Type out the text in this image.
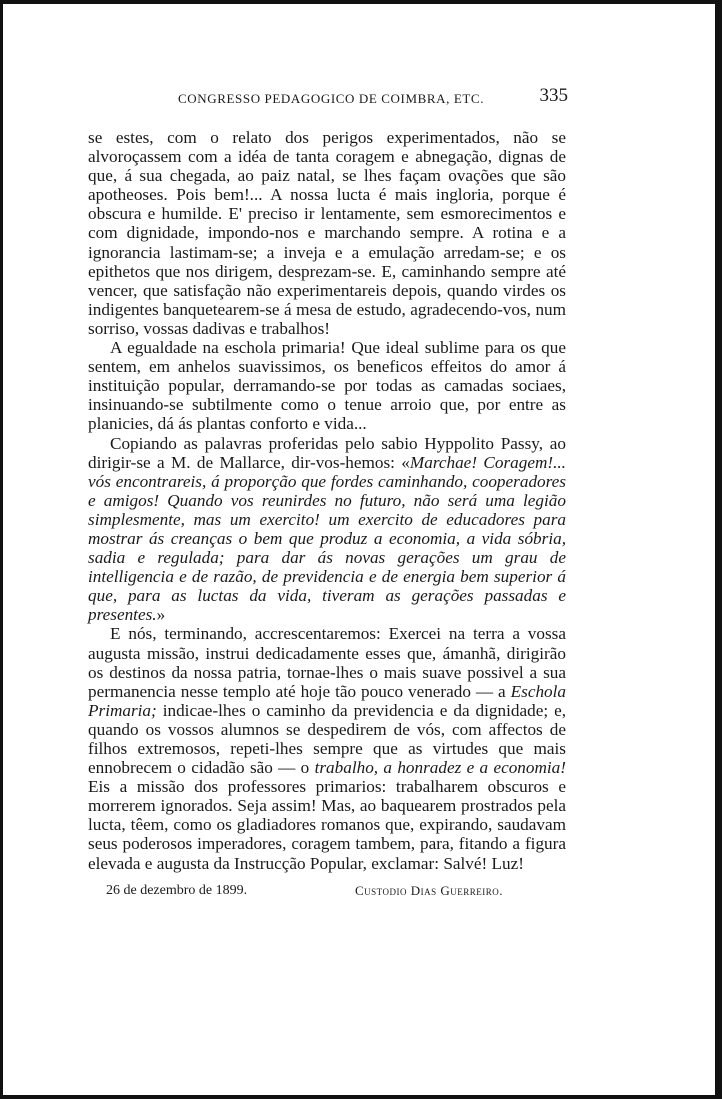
CONGRESSO PEDAGOGICO DE COIMBRA, ETC.	335

se estes, com o relato dos perigos experimentados, não se alvoroçassem com a idéa de tanta coragem e abnegação, dignas de que, á sua chegada, ao paiz natal, se lhes façam ovações que são apotheoses. Pois bem!... A nossa lucta é mais ingloria, porque é obscura e humilde. E' preciso ir lentamente, sem esmorecimentos e com dignidade, impondo-nos e marchando sempre. A rotina e a ignorancia lastimam-se; a inveja e a emulação arredam-se; e os epithetos que nos dirigem, desprezam-se. E, caminhando sempre até vencer, que satisfação não experimentareis depois, quando virdes os indigentes banquetearem-se á mesa de estudo, agradecendo-vos, num sorriso, vossas dadivas e trabalhos!

A egualdade na eschola primaria! Que ideal sublime para os que sentem, em anhelos suavissimos, os beneficos effeitos do amor á instituição popular, derramando-se por todas as camadas sociaes, insinuando-se subtilmente como o tenue arroio que, por entre as planicies, dá ás plantas conforto e vida...

Copiando as palavras proferidas pelo sabio Hyppolito Passy, ao dirigir-se a M. de Mallarce, dir-vos-hemos: «Marchae! Coragem!... vós encontrareis, á proporção que fordes caminhando, cooperadores e amigos! Quando vos reunirdes no futuro, não será uma legião simplesmente, mas um exercito! um exercito de educadores para mostrar ás creanças o bem que produz a economia, a vida sóbria, sadia e regulada; para dar ás novas gerações um grau de intelligencia e de razão, de previdencia e de energia bem superior á que, para as luctas da vida, tiveram as gerações passadas e presentes.»

E nós, terminando, accrescentaremos: Exercei na terra a vossa augusta missão, instrui dedicadamente esses que, ámanhã, dirigirão os destinos da nossa patria, tornae-lhes o mais suave possivel a sua permanencia nesse templo até hoje tão pouco venerado — a Eschola Primaria; indicae-lhes o caminho da previdencia e da dignidade; e, quando os vossos alumnos se despedirem de vós, com affectos de filhos extremosos, repeti-lhes sempre que as virtudes que mais ennobrecem o cidadão são — o trabalho, a honradez e a economia! Eis a missão dos professores primarios: trabalharem obscuros e morrerem ignorados. Seja assim! Mas, ao baquearem prostrados pela lucta, têem, como os gladiadores romanos que, expirando, saudavam seus poderosos imperadores, coragem tambem, para, fitando a figura elevada e augusta da Instrucção Popular, exclamar: Salvé! Luz!

26 de dezembro de 1899.	Custodio Dias Guerreiro.
